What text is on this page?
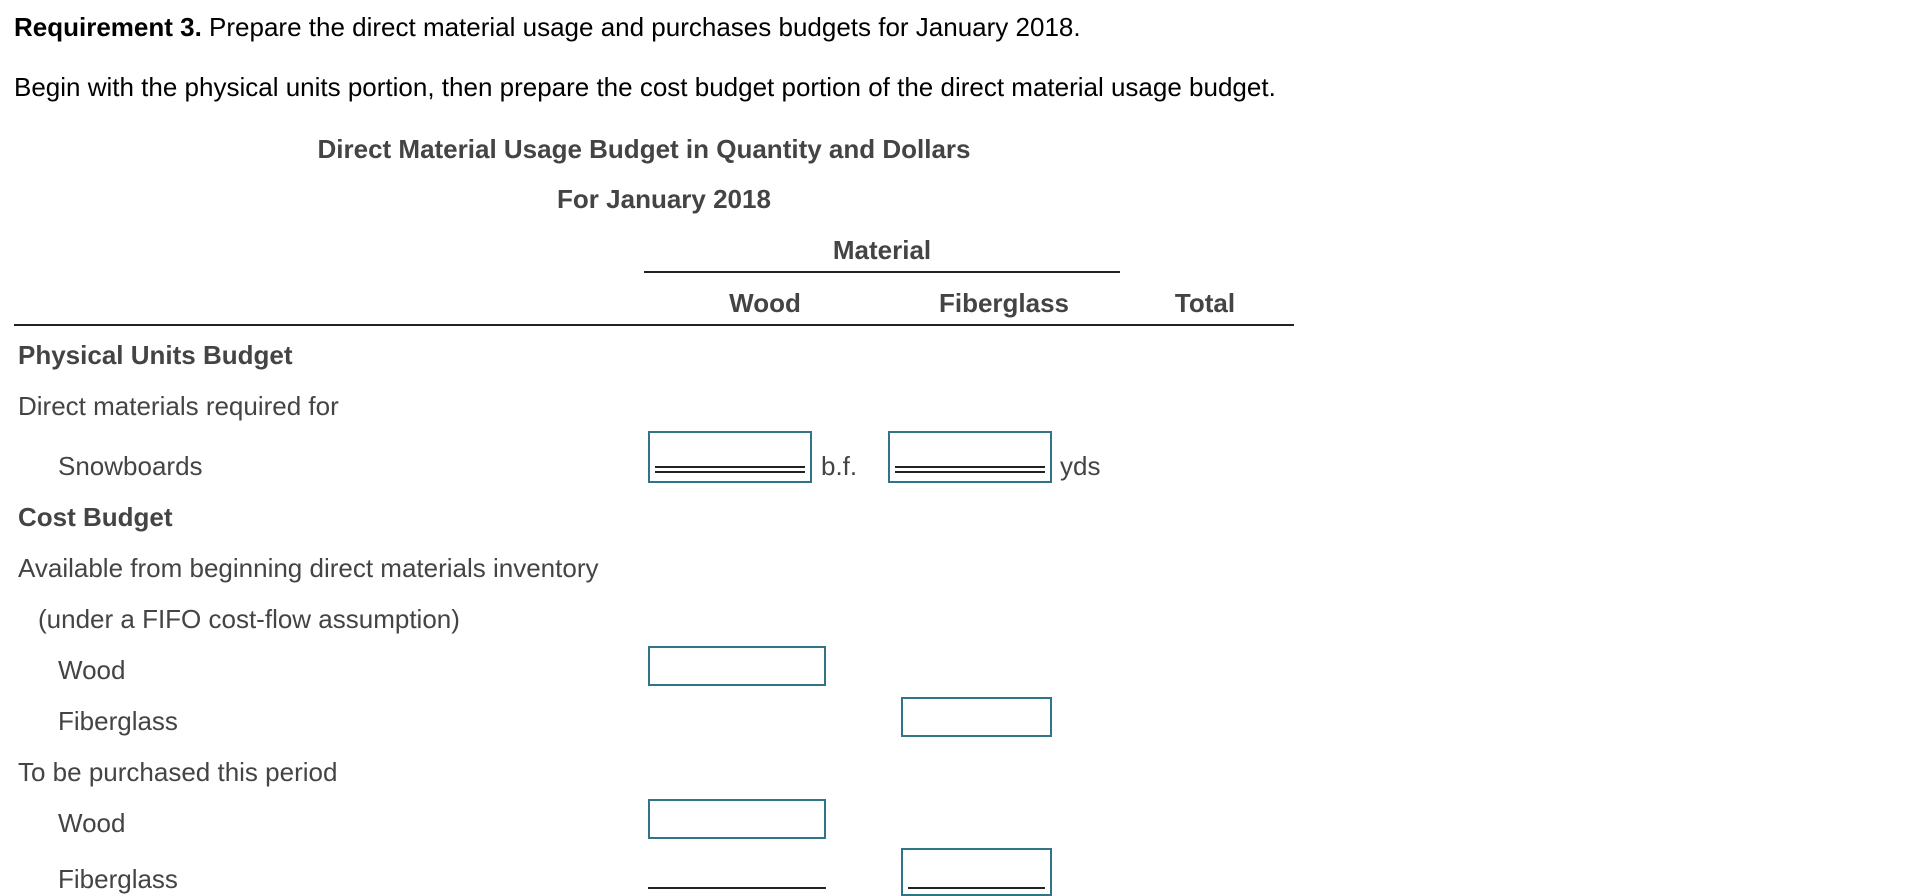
Requirement 3. Prepare the direct material usage and purchases budgets for January 2018.
Begin with the physical units portion, then prepare the cost budget portion of the direct material usage budget.
Direct Material Usage Budget in Quantity and Dollars
For January 2018
Material
Wood	Fiberglass	Total
Physical Units Budget
Direct materials required for
Snowboards	b.f.	yds
Cost Budget
Available from beginning direct materials inventory
(under a FIFO cost-flow assumption)
Wood
Fiberglass
To be purchased this period
Wood
Fiberglass
